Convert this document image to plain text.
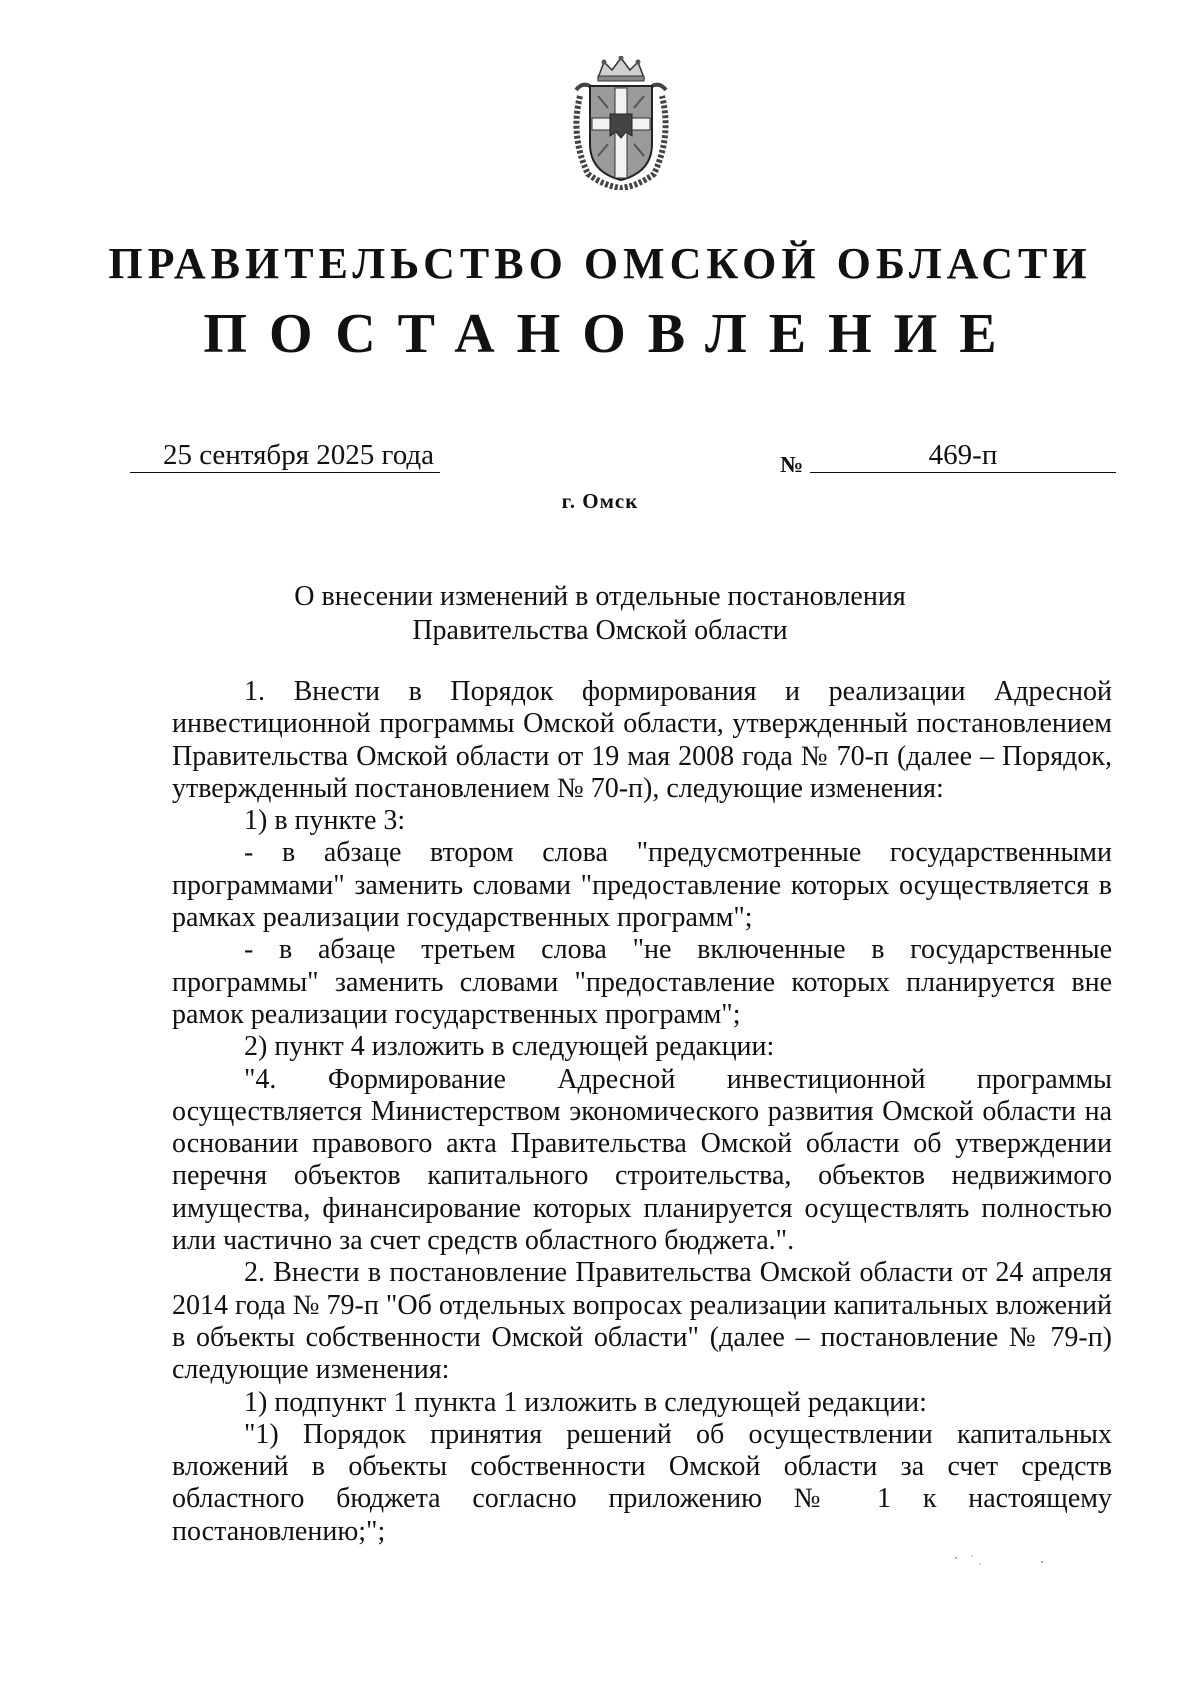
ПРАВИТЕЛЬСТВО ОМСКОЙ ОБЛАСТИ
ПОСТАНОВЛЕНИЕ
25 сентября 2025 года	№	469-п
г. Омск
О внесении изменений в отдельные постановления
Правительства Омской области

1. Внести в Порядок формирования и реализации Адресной инвестиционной программы Омской области, утвержденный постановлением Правительства Омской области от 19 мая 2008 года № 70-п (далее – Порядок, утвержденный постановлением № 70-п), следующие изменения:

1) в пункте 3:

- в абзаце втором слова "предусмотренные государственными программами" заменить словами "предоставление которых осуществляется в рамках реализации государственных программ";

- в абзаце третьем слова "не включенные в государственные программы" заменить словами "предоставление которых планируется вне рамок реализации государственных программ";

2) пункт 4 изложить в следующей редакции:

"4. Формирование Адресной инвестиционной программы осуществляется Министерством экономического развития Омской области на основании правового акта Правительства Омской области об утверждении перечня объектов капитального строительства, объектов недвижимого имущества, финансирование которых планируется осуществлять полностью или частично за счет средств областного бюджета.".

2. Внести в постановление Правительства Омской области от 24 апреля 2014 года № 79-п "Об отдельных вопросах реализации капитальных вложений в объекты собственности Омской области" (далее – постановление № 79-п) следующие изменения:

1) подпункт 1 пункта 1 изложить в следующей редакции:

"1) Порядок принятия решений об осуществлении капитальных вложений в объекты собственности Омской области за счет средств областного бюджета согласно приложению № 1 к настоящему постановлению;";
